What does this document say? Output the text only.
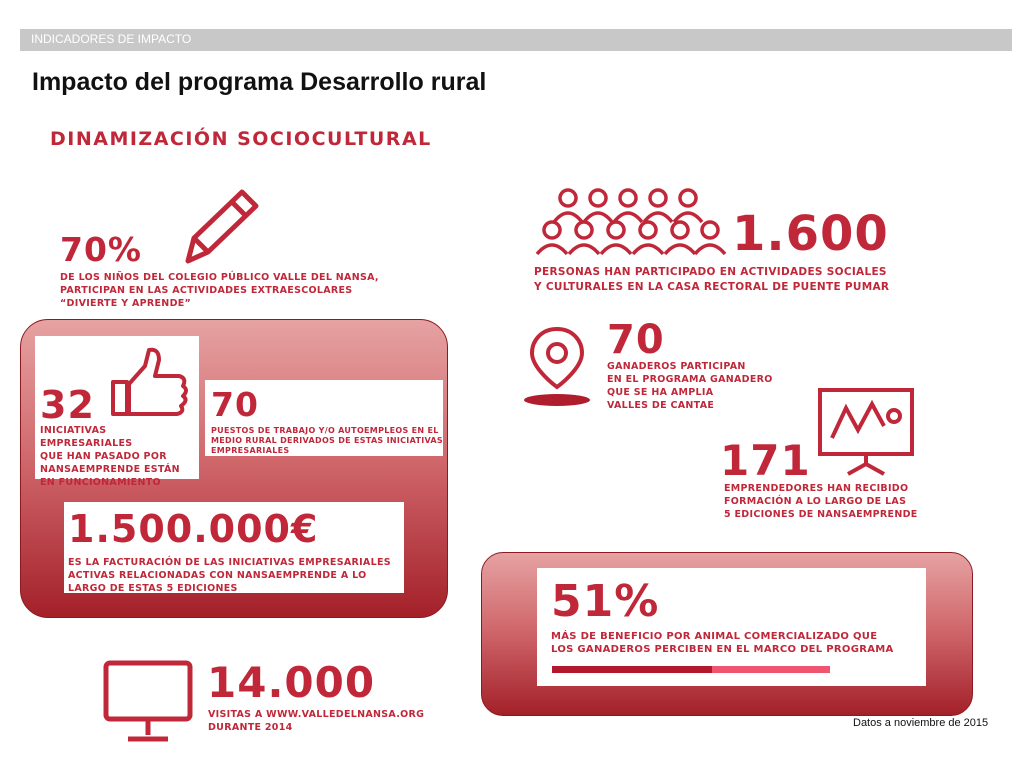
INDICADORES DE IMPACTO
Impacto del programa Desarrollo rural
DINAMIZACIÓN SOCIOCULTURAL
70%
DE LOS NIÑOS DEL COLEGIO PÚBLICO VALLE DEL NANSA,
PARTICIPAN EN LAS ACTIVIDADES EXTRAESCOLARES
“DIVIERTE Y APRENDE”
1.600
PERSONAS HAN PARTICIPADO EN ACTIVIDADES SOCIALES
Y CULTURALES EN LA CASA RECTORAL DE PUENTE PUMAR
70
GANADEROS PARTICIPAN
EN EL PROGRAMA GANADERO
QUE SE HA AMPLIA
VALLES DE CANTAE
32
INICIATIVAS EMPRESARIALES
QUE HAN PASADO POR
NANSAEMPRENDE ESTÁN
EN FUNCIONAMIENTO
70
PUESTOS DE TRABAJO Y/O AUTOEMPLEOS EN EL
MEDIO RURAL DERIVADOS DE ESTAS INICIATIVAS
EMPRESARIALES
1.500.000€
ES LA FACTURACIÓN DE LAS INICIATIVAS EMPRESARIALES
ACTIVAS RELACIONADAS CON NANSAEMPRENDE A LO
LARGO DE ESTAS 5 EDICIONES
171
EMPRENDEDORES HAN RECIBIDO
FORMACIÓN A LO LARGO DE LAS
5 EDICIONES DE NANSAEMPRENDE
51%
MÁS DE BENEFICIO POR ANIMAL COMERCIALIZADO QUE
LOS GANADEROS PERCIBEN EN EL MARCO DEL PROGRAMA
14.000
VISITAS A WWW.VALLEDELNANSA.ORG
DURANTE 2014	Datos a noviembre de 2015
